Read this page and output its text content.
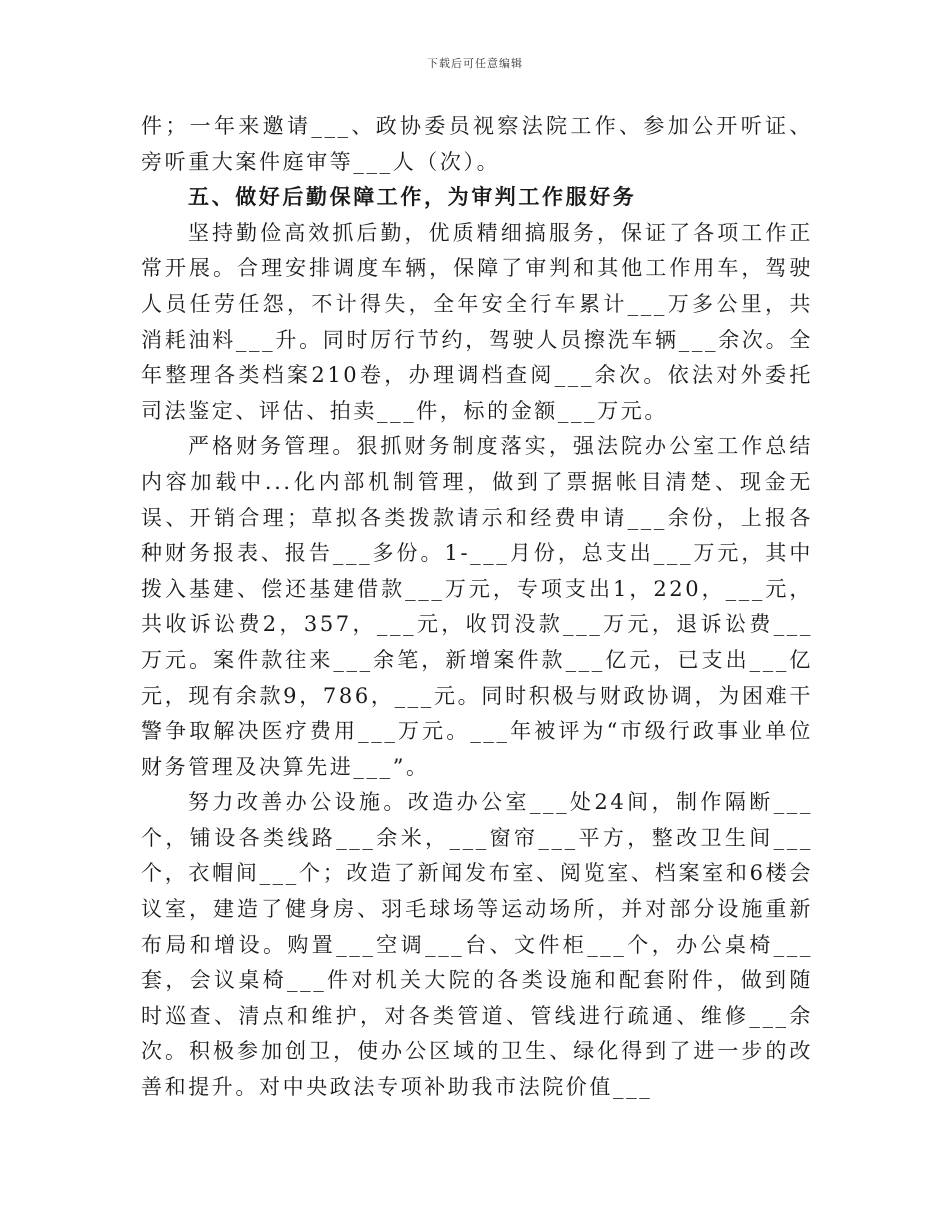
下载后可任意编辑

件；一年来邀请___、政协委员视察法院工作、参加公开听证、旁听重大案件庭审等___人（次）。

五、做好后勤保障工作，为审判工作服好务

坚持勤俭高效抓后勤，优质精细搞服务，保证了各项工作正常开展。合理安排调度车辆，保障了审判和其他工作用车，驾驶人员任劳任怨，不计得失，全年安全行车累计___万多公里，共消耗油料___升。同时厉行节约，驾驶人员擦洗车辆___余次。全年整理各类档案210卷，办理调档查阅___余次。依法对外委托司法鉴定、评估、拍卖___件，标的金额___万元。

严格财务管理。狠抓财务制度落实，强法院办公室工作总结内容加载中...化内部机制管理，做到了票据帐目清楚、现金无误、开销合理；草拟各类拨款请示和经费申请___余份，上报各种财务报表、报告___多份。1-___月份，总支出___万元，其中拨入基建、偿还基建借款___万元，专项支出1，220，___元，共收诉讼费2，357，___元，收罚没款___万元，退诉讼费___万元。案件款往来___余笔，新增案件款___亿元，已支出___亿元，现有余款9，786，___元。同时积极与财政协调，为困难干警争取解决医疗费用___万元。___年被评为“市级行政事业单位财务管理及决算先进___”。

努力改善办公设施。改造办公室___处24间，制作隔断___个，铺设各类线路___余米，___窗帘___平方，整改卫生间___个，衣帽间___个；改造了新闻发布室、阅览室、档案室和6楼会议室，建造了健身房、羽毛球场等运动场所，并对部分设施重新布局和增设。购置___空调___台、文件柜___个，办公桌椅___套，会议桌椅___件对机关大院的各类设施和配套附件，做到随时巡查、清点和维护，对各类管道、管线进行疏通、维修___余次。积极参加创卫，使办公区域的卫生、绿化得到了进一步的改善和提升。对中央政法专项补助我市法院价值___
